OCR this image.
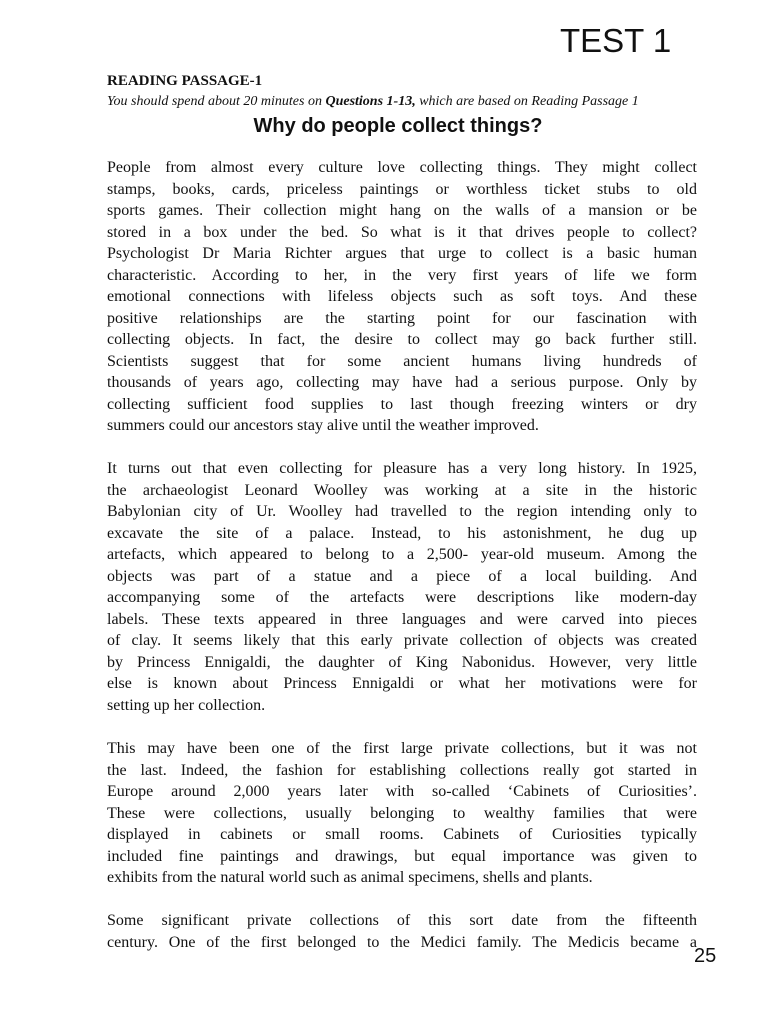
TEST 1
READING PASSAGE-1
You should spend about 20 minutes on Questions 1-13, which are based on Reading Passage 1
Why do people collect things?

People from almost every culture love collecting things. They might collect
stamps, books, cards, priceless paintings or worthless ticket stubs to old
sports games. Their collection might hang on the walls of a mansion or be
stored in a box under the bed. So what is it that drives people to collect?
Psychologist Dr Maria Richter argues that urge to collect is a basic human
characteristic. According to her, in the very first years of life we form
emotional connections with lifeless objects such as soft toys. And these
positive relationships are the starting point for our fascination with
collecting objects. In fact, the desire to collect may go back further still.
Scientists suggest that for some ancient humans living hundreds of
thousands of years ago, collecting may have had a serious purpose. Only by
collecting sufficient food supplies to last though freezing winters or dry
summers could our ancestors stay alive until the weather improved.

It turns out that even collecting for pleasure has a very long history. In 1925,
the archaeologist Leonard Woolley was working at a site in the historic
Babylonian city of Ur. Woolley had travelled to the region intending only to
excavate the site of a palace. Instead, to his astonishment, he dug up
artefacts, which appeared to belong to a 2,500- year-old museum. Among the
objects was part of a statue and a piece of a local building. And
accompanying some of the artefacts were descriptions like modern-day
labels. These texts appeared in three languages and were carved into pieces
of clay. It seems likely that this early private collection of objects was created
by Princess Ennigaldi, the daughter of King Nabonidus. However, very little
else is known about Princess Ennigaldi or what her motivations were for
setting up her collection.

This may have been one of the first large private collections, but it was not
the last. Indeed, the fashion for establishing collections really got started in
Europe around 2,000 years later with so-called ‘Cabinets of Curiosities’.
These were collections, usually belonging to wealthy families that were
displayed in cabinets or small rooms. Cabinets of Curiosities typically
included fine paintings and drawings, but equal importance was given to
exhibits from the natural world such as animal specimens, shells and plants.

Some significant private collections of this sort date from the fifteenth
century. One of the first belonged to the Medici family. The Medicis became a

25
